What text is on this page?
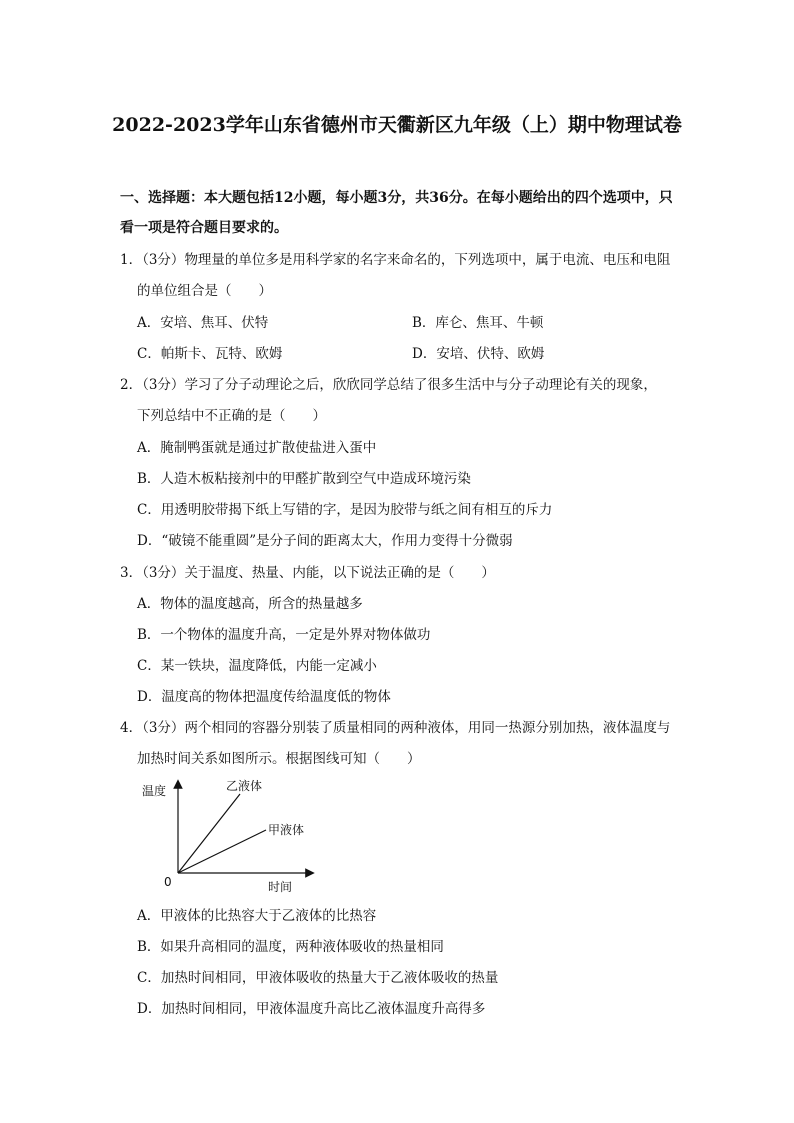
2022-2023学年山东省德州市天衢新区九年级（上）期中物理试卷
一、选择题：本大题包括12小题，每小题3分，共36分。在每小题给出的四个选项中，只看一项是符合题目要求的。
1．（3分）物理量的单位多是用科学家的名字来命名的，下列选项中，属于电流、电压和电阻
的单位组合是（　　）
A．安培、焦耳、伏特	B．库仑、焦耳、牛顿
C．帕斯卡、瓦特、欧姆	D．安培、伏特、欧姆
2．（3分）学习了分子动理论之后，欣欣同学总结了很多生活中与分子动理论有关的现象，
下列总结中不正确的是（　　）
A．腌制鸭蛋就是通过扩散使盐进入蛋中
B．人造木板粘接剂中的甲醛扩散到空气中造成环境污染
C．用透明胶带揭下纸上写错的字，是因为胶带与纸之间有相互的斥力
D．“破镜不能重圆”是分子间的距离太大，作用力变得十分微弱
3．（3分）关于温度、热量、内能，以下说法正确的是（　　）
A．物体的温度越高，所含的热量越多
B．一个物体的温度升高，一定是外界对物体做功
C．某一铁块，温度降低，内能一定减小
D．温度高的物体把温度传给温度低的物体
4．（3分）两个相同的容器分别装了质量相同的两种液体，用同一热源分别加热，液体温度与
加热时间关系如图所示。根据图线可知（　　）
温度
时间
0
乙液体
甲液体
A．甲液体的比热容大于乙液体的比热容
B．如果升高相同的温度，两种液体吸收的热量相同
C．加热时间相同，甲液体吸收的热量大于乙液体吸收的热量
D．加热时间相同，甲液体温度升高比乙液体温度升高得多
